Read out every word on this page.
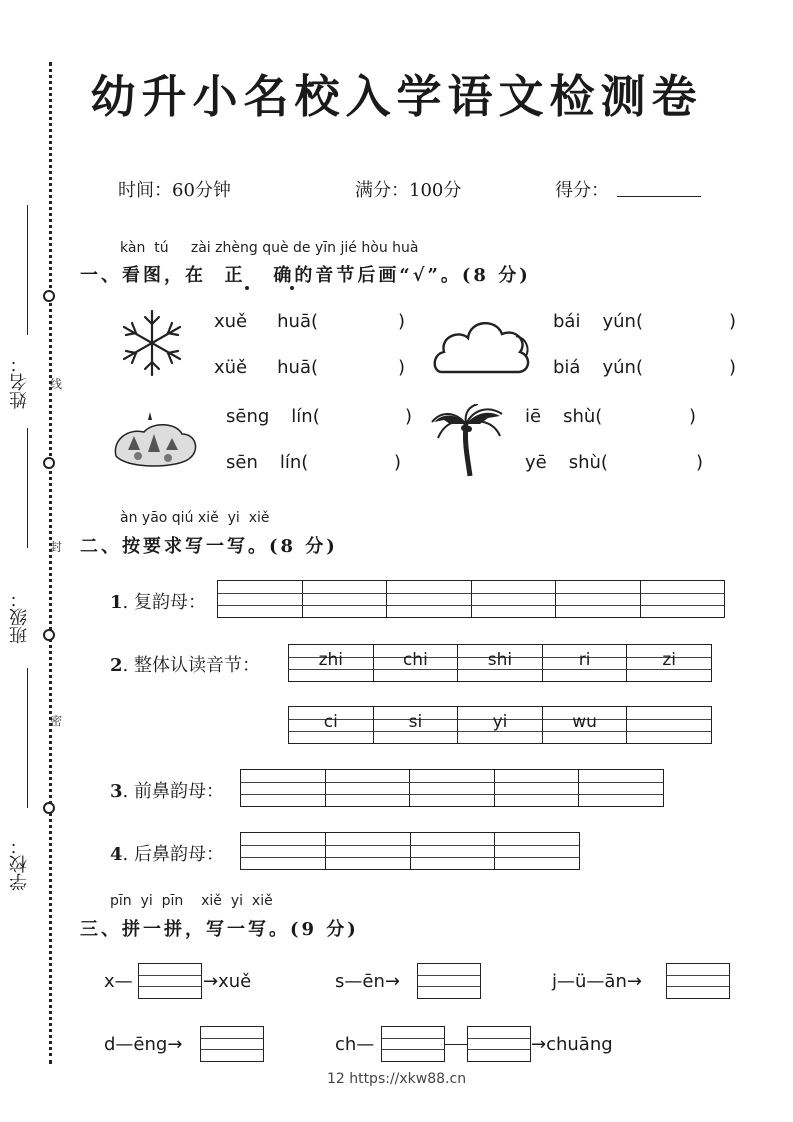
姓名：
班级：
学校：
线
封
密
幼升小名校入学语文检测卷
时间：60分钟	满分：100分	得分：
kàn tú zài zhèng què de yīn jié hòu huà
一、看图，在 正 确的音节后画“√”。(8 分)
xuě huā(	)
xüě huā(	)
bái yún(	)
biá yún(	)
sēng lín(	)
sēn lín(	)
iē shù(	)
yē shù(	)
àn yāo qiú xiě yi xiě
二、按要求写一写。(8 分)
1. 复韵母：
2. 整体认读音节：	zhi	chi	shi	ri	zi
ci	si	yi	wu
3. 前鼻韵母：
4. 后鼻韵母：
pīn yi pīn xiě yi xiě
三、拼一拼，写一写。(9 分)
x—	→xuě	s—ēn→	j—ü—ān→
d—ēng→	ch—	→chuāng
12 https://xkw88.cn
